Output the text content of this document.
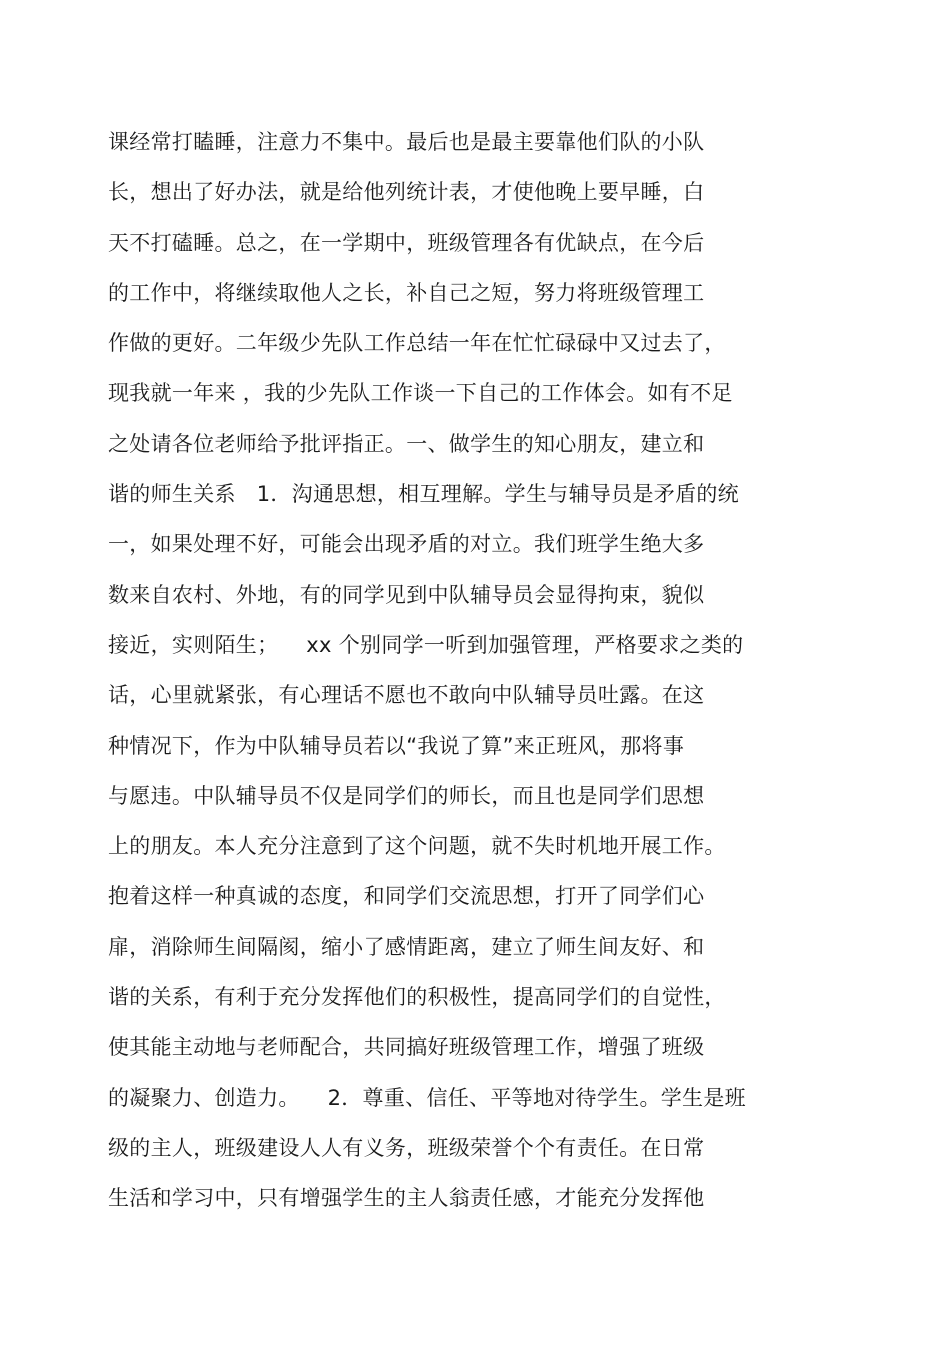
课经常打瞌睡，注意力不集中。最后也是最主要靠他们队的小队
长，想出了好办法，就是给他列统计表，才使他晚上要早睡，白
天不打磕睡。总之，在一学期中，班级管理各有优缺点，在今后
的工作中，将继续取他人之长，补自己之短，努力将班级管理工
作做的更好。二年级少先队工作总结一年在忙忙碌碌中又过去了，
现我就一年来 ，我的少先队工作谈一下自己的工作体会。如有不足
之处请各位老师给予批评指正。一、做学生的知心朋友，建立和
谐的师生关系   1．沟通思想，相互理解。学生与辅导员是矛盾的统
一，如果处理不好，可能会出现矛盾的对立。我们班学生绝大多
数来自农村、外地，有的同学见到中队辅导员会显得拘束，貌似
接近，实则陌生；    xx 个别同学一听到加强管理，严格要求之类的
话，心里就紧张，有心理话不愿也不敢向中队辅导员吐露。在这
种情况下，作为中队辅导员若以“我说了算”来正班风，那将事
与愿违。中队辅导员不仅是同学们的师长，而且也是同学们思想
上的朋友。本人充分注意到了这个问题，就不失时机地开展工作。
抱着这样一种真诚的态度，和同学们交流思想，打开了同学们心
扉，消除师生间隔阂，缩小了感情距离，建立了师生间友好、和
谐的关系，有利于充分发挥他们的积极性，提高同学们的自觉性，
使其能主动地与老师配合，共同搞好班级管理工作，增强了班级
的凝聚力、创造力。    2．尊重、信任、平等地对待学生。学生是班
级的主人，班级建设人人有义务，班级荣誉个个有责任。在日常
生活和学习中，只有增强学生的主人翁责任感，才能充分发挥他
